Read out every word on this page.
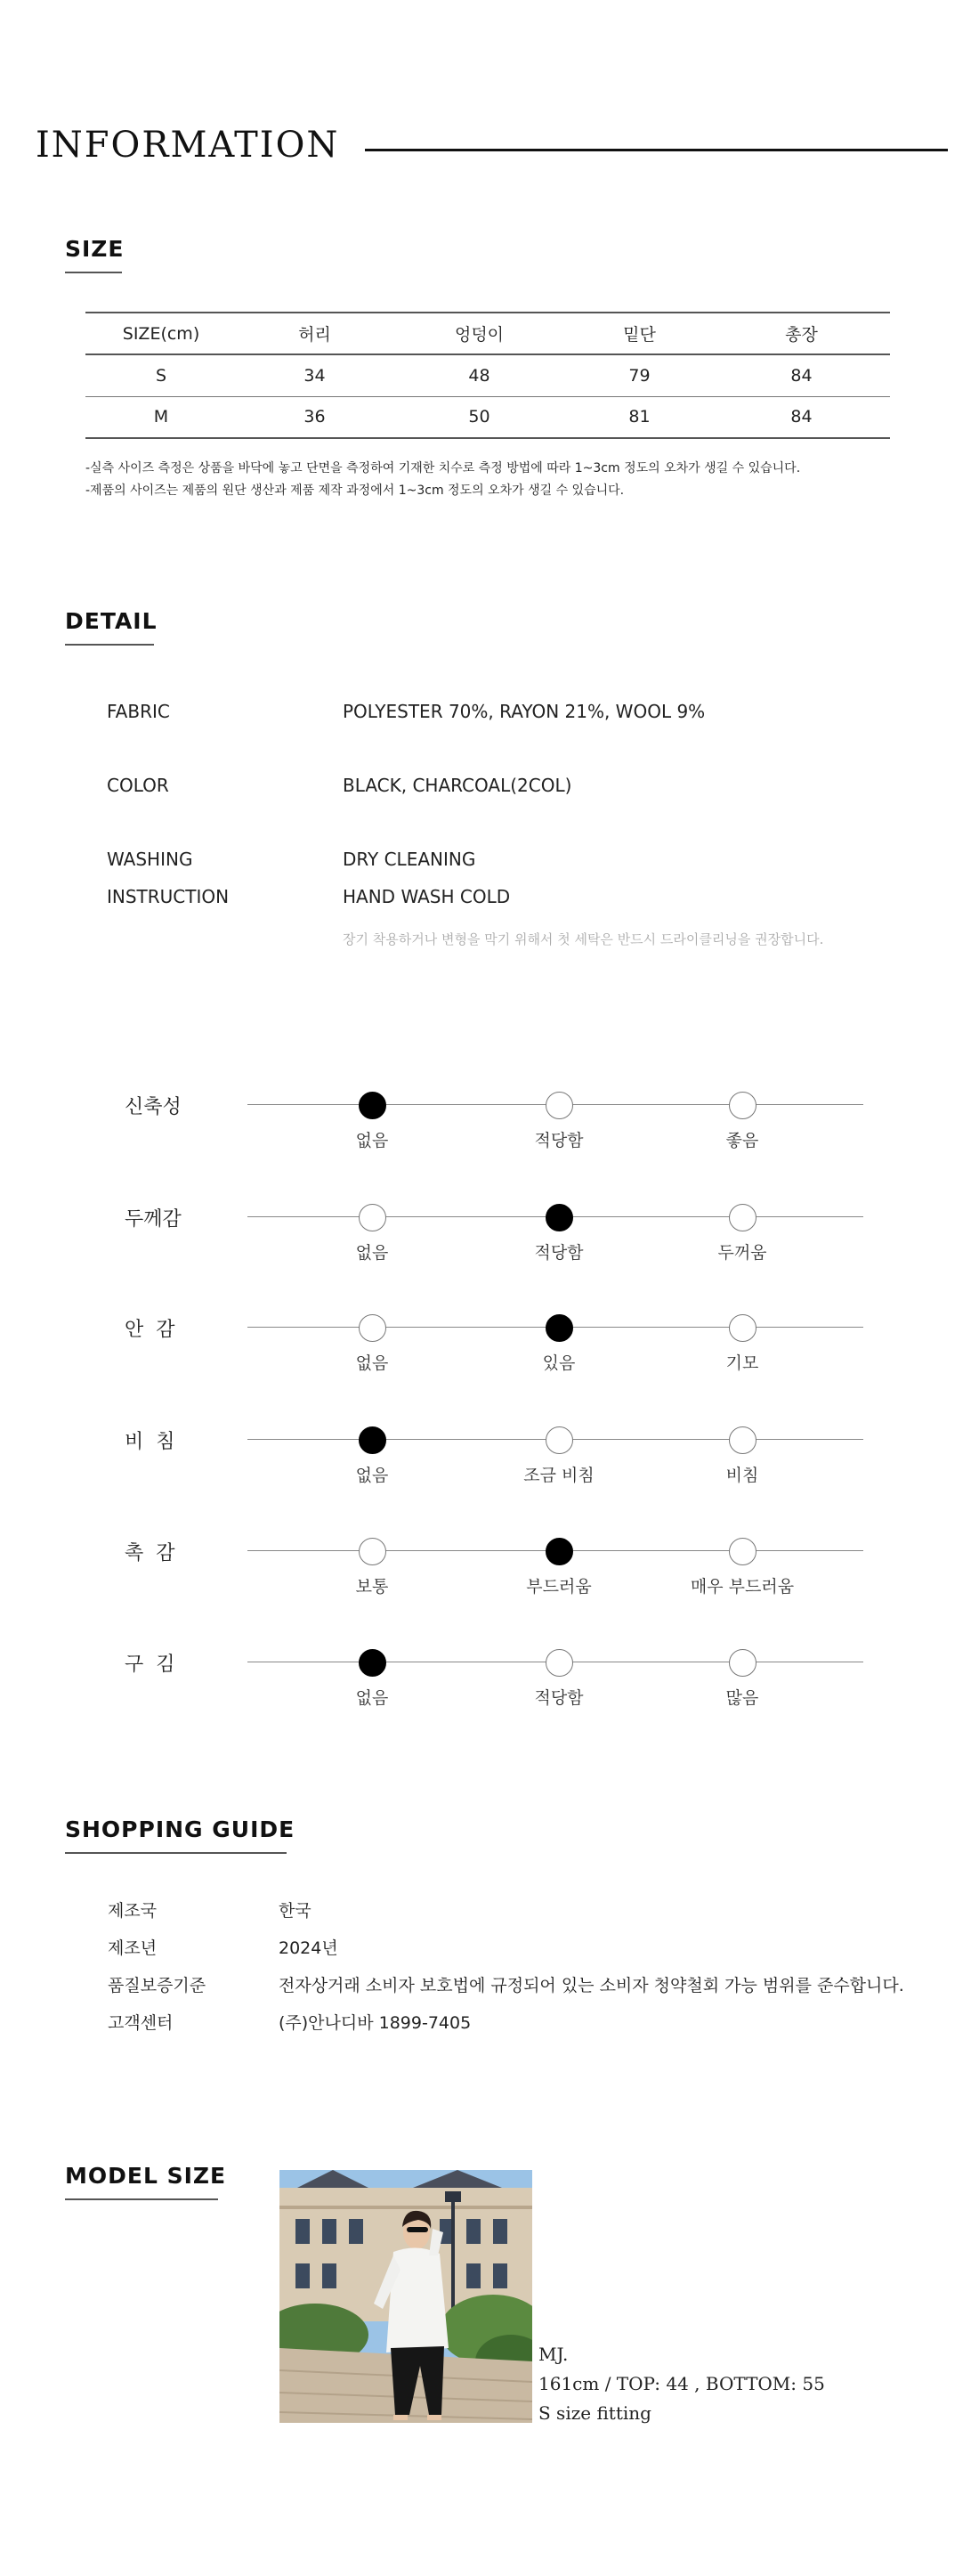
INFORMATION
SIZE
SIZE(cm)	허리	엉덩이	밑단	총장
S	34	48	79	84
M	36	50	81	84
-실측 사이즈 측정은 상품을 바닥에 놓고 단면을 측정하여 기재한 치수로 측정 방법에 따라 1~3cm 정도의 오차가 생길 수 있습니다.
-제품의 사이즈는 제품의 원단 생산과 제품 제작 과정에서 1~3cm 정도의 오차가 생길 수 있습니다.
DETAIL
FABRIC	POLYESTER 70%, RAYON 21%, WOOL 9%
COLOR	BLACK, CHARCOAL(2COL)
WASHING	DRY CLEANING
INSTRUCTION	HAND WASH COLD
장기 착용하거나 변형을 막기 위해서 첫 세탁은 반드시 드라이클리닝을 권장합니다.
신축성
없음	적당함	좋음
두께감
없음	적당함	두꺼움
안  감
없음	있음	기모
비  침
없음	조금 비침	비침
촉  감
보통	부드러움	매우 부드러움
구  김
없음	적당함	많음
SHOPPING GUIDE
제조국	한국
제조년	2024년
품질보증기준	전자상거래 소비자 보호법에 규정되어 있는 소비자 청약철회 가능 범위를 준수합니다.
고객센터	(주)안나디바 1899-7405
MODEL SIZE
MJ.
161cm / TOP: 44 , BOTTOM: 55
S size fitting
